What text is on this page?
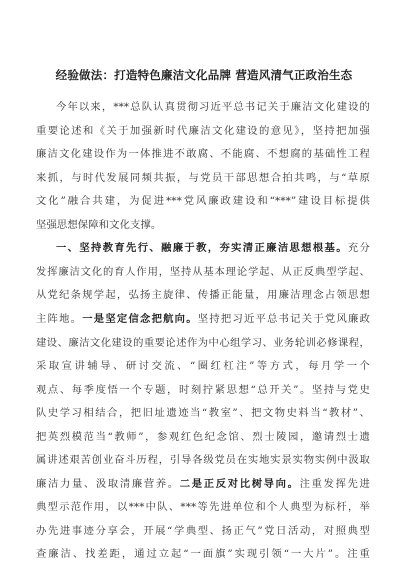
经验做法：打造特色廉洁文化品牌 营造风清气正政治生态
今年以来，***总队认真贯彻习近平总书记关于廉洁文化建设的
重要论述和《关于加强新时代廉洁文化建设的意见》，坚持把加强
廉洁文化建设作为一体推进不敢腐、不能腐、不想腐的基础性工程
来抓，与时代发展同频共振，与党员干部思想合拍共鸣，与“草原
文化”融合共建，为促进***党风廉政建设和“***”建设目标提供
坚强思想保障和文化支撑。
一、坚持教育先行、融廉于教，夯实清正廉洁思想根基。充分
发挥廉洁文化的育人作用，坚持从基本理论学起、从正反典型学起、
从党纪条规学起，弘扬主旋律、传播正能量，用廉洁理念占领思想
主阵地。一是坚定信念把航向。坚持把习近平总书记关于党风廉政
建设、廉洁文化建设的重要论述作为中心组学习、业务轮训必修课程，
采取宣讲辅导、研讨交流、“圈红杠注”等方式，每月学一个
观点、每季度悟一个专题，时刻拧紧思想“总开关”。坚持与党史
队史学习相结合，把旧址遗迹当“教室”、把文物史料当“教材”、
把英烈模范当“教师”，参观红色纪念馆、烈士陵园，邀请烈士遗
属讲述艰苦创业奋斗历程，引导各级党员在实地实景实物实例中汲取
廉洁力量、汲取清廉营养。二是正反对比树导向。注重发挥先进
典型示范作用，以***中队、***等先进单位和个人典型为标杆，举
办先进事迹分享会，开展“学典型、扬正气”党日活动，对照典型
查廉洁、找差距，通过立起“一面旗”实现引领“一大片”。注重
